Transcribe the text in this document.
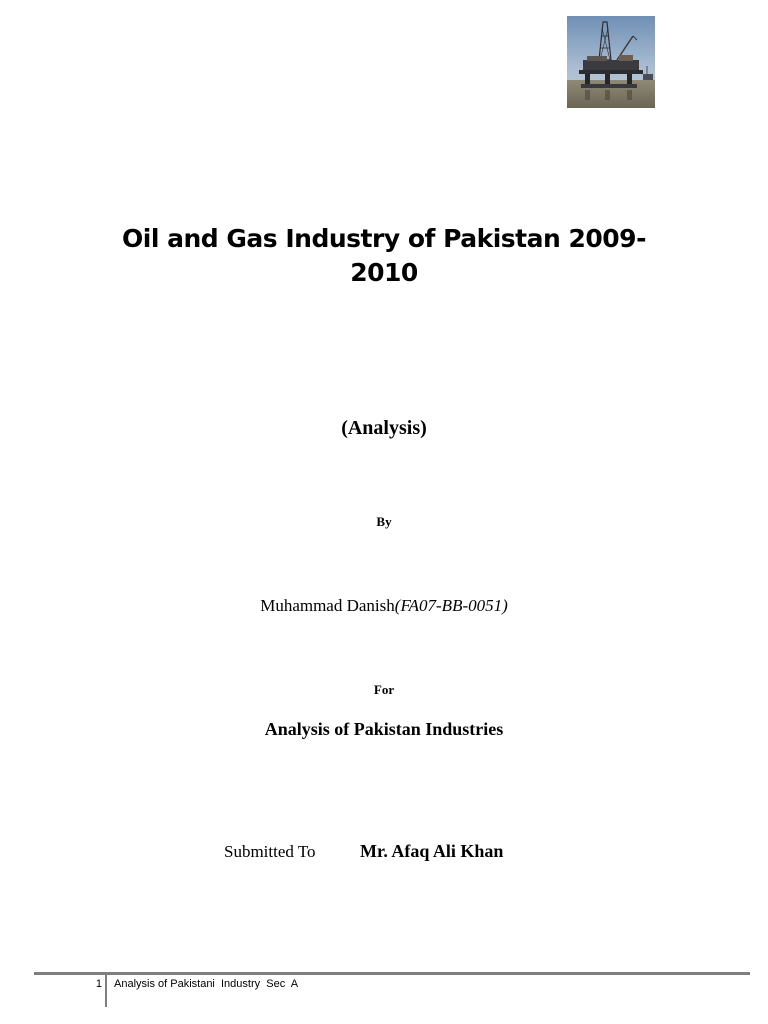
Oil and Gas Industry of Pakistan 2009-
2010
(Analysis)
By
Muhammad Danish(FA07-BB-0051)
For
Analysis of Pakistan Industries
Submitted To Mr. Afaq Ali Khan
1 Analysis of Pakistani  Industry  Sec  A
